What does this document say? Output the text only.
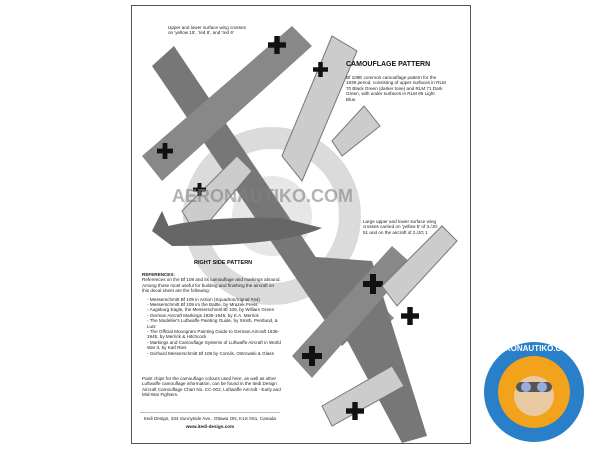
Upper and lower surface wing crosses on 'yellow 15', 'red 8', and 'red 6'
CAMOUFLAGE PATTERN
Bf 109E common camouflage pattern for the 1939 period, consisting of upper surfaces in RLM 70 Black Green (darker tone) and RLM 71 Dark Green, with under surfaces in RLM 65 Light Blue.
Large upper and lower surface wing crosses carried on 'yellow 5' of 3./JG 51 and on the aircraft of 2./JG 1
AERONAUTIKO.COM
RIGHT SIDE PATTERN
REFERENCES:
References on the Bf 109 and its camouflage and markings abound. Among those most useful for building and finishing the aircraft on this decal sheet are the following:
- Messerschmitt Bf 109 in Action (Squadron/Signal #44)
- Messerschmitt Bf 109 im the Battle, by Mrazek Press
- Augsburg Eagle, the Messerschmitt Bf 109, by William Green
- German Aircraft Markings 1935-1945, by K.A. Merrick
- The Modeller's Luftwaffe Painting Guide, by Smith, Pentland, & Lutz
- The Official Monogram Painting Guide to German Aircraft 1935-1945, by Merrick & Hitchcock
- Markings and Camouflage Systems of Luftwaffe Aircraft in World War II, by Karl Ries
- Gerhard Messerschmitt Bf 109 by Cornils, Ostrowski & Glass
Paint chips for the camouflage colours used here, as well as other Luftwaffe camouflage information, can be found in the Itedi Design Aircraft Camouflage Chart No. CC-002, Luftwaffe Aircraft - Early and Mid-War Fighters.
Itedi Design, 334 Sunnyside Ave., Ottawa ON, K1S 0S1, Canada
www.itedi-design.com
AERONAUTIKO.COM
